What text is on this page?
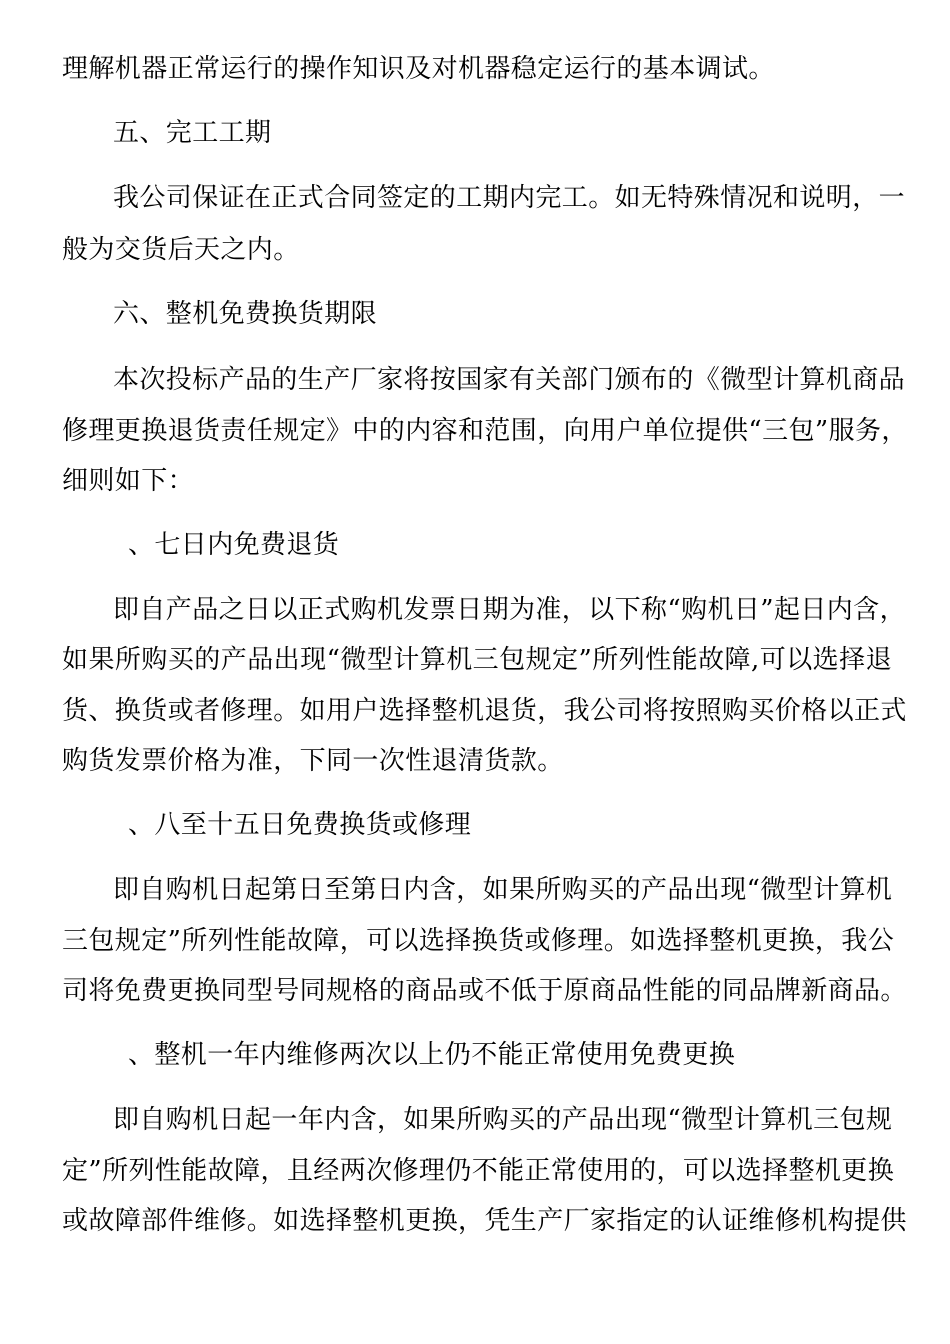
理解机器正常运行的操作知识及对机器稳定运行的基本调试。
五、完工工期
我公司保证在正式合同签定的工期内完工。如无特殊情况和说明，一
般为交货后天之内。
六、整机免费换货期限
本次投标产品的生产厂家将按国家有关部门颁布的《微型计算机商品
修理更换退货责任规定》中的内容和范围，向用户单位提供“三包”服务，
细则如下：
、七日内免费退货
即自产品之日以正式购机发票日期为准，以下称“购机日”起日内含，
如果所购买的产品出现“微型计算机三包规定”所列性能故障,可以选择退
货、换货或者修理。如用户选择整机退货，我公司将按照购买价格以正式
购货发票价格为准，下同一次性退清货款。
、八至十五日免费换货或修理
即自购机日起第日至第日内含，如果所购买的产品出现“微型计算机
三包规定”所列性能故障，可以选择换货或修理。如选择整机更换，我公
司将免费更换同型号同规格的商品或不低于原商品性能的同品牌新商品。
、整机一年内维修两次以上仍不能正常使用免费更换
即自购机日起一年内含，如果所购买的产品出现“微型计算机三包规
定”所列性能故障，且经两次修理仍不能正常使用的，可以选择整机更换
或故障部件维修。如选择整机更换，凭生产厂家指定的认证维修机构提供
